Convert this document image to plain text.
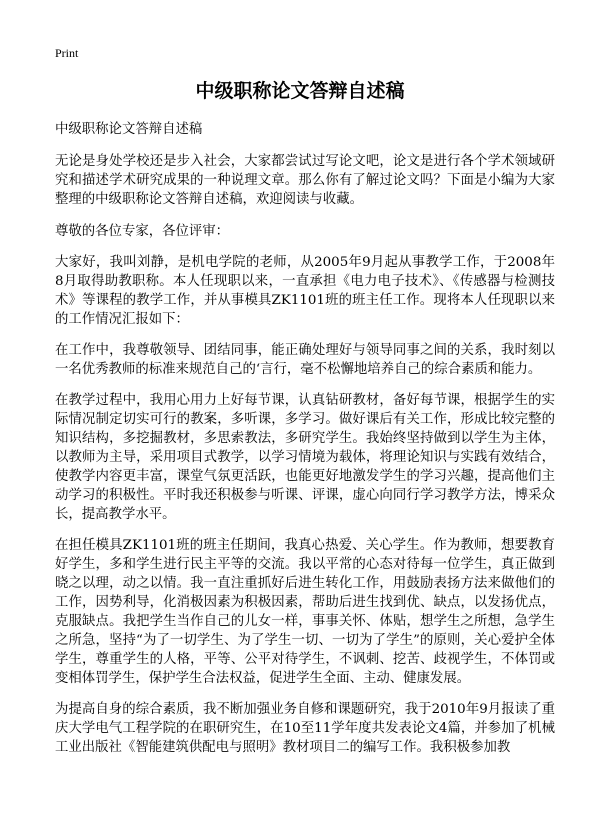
Print
中级职称论文答辩自述稿

中级职称论文答辩自述稿

无论是身处学校还是步入社会，大家都尝试过写论文吧，论文是进行各个学术领域研究和描述学术研究成果的一种说理文章。那么你有了解过论文吗？下面是小编为大家整理的中级职称论文答辩自述稿，欢迎阅读与收藏。

尊敬的各位专家，各位评审：

大家好，我叫刘静，是机电学院的老师，从2005年9月起从事教学工作，于2008年8月取得助教职称。本人任现职以来，一直承担《电力电子技术》、《传感器与检测技术》等课程的教学工作，并从事模具ZK1101班的班主任工作。现将本人任现职以来的工作情况汇报如下：

在工作中，我尊敬领导、团结同事，能正确处理好与领导同事之间的关系，我时刻以一名优秀教师的标准来规范自己的‘言行，毫不松懈地培养自己的综合素质和能力。

在教学过程中，我用心用力上好每节课，认真钻研教材，备好每节课，根据学生的实际情况制定切实可行的教案，多听课，多学习。做好课后有关工作，形成比较完整的知识结构，多挖掘教材，多思索教法，多研究学生。我始终坚持做到以学生为主体，以教师为主导，采用项目式教学，以学习情境为载体，将理论知识与实践有效结合，使教学内容更丰富，课堂气氛更活跃，也能更好地激发学生的学习兴趣，提高他们主动学习的积极性。平时我还积极参与听课、评课，虚心向同行学习教学方法，博采众长，提高教学水平。

在担任模具ZK1101班的班主任期间，我真心热爱、关心学生。作为教师，想要教育好学生，多和学生进行民主平等的交流。我以平常的心态对待每一位学生，真正做到晓之以理，动之以情。我一直注重抓好后进生转化工作，用鼓励表扬方法来做他们的工作，因势利导，化消极因素为积极因素，帮助后进生找到优、缺点，以发扬优点，克服缺点。我把学生当作自己的儿女一样，事事关怀、体贴，想学生之所想，急学生之所急，坚持“为了一切学生、为了学生一切、一切为了学生”的原则，关心爱护全体学生，尊重学生的人格，平等、公平对待学生，不讽刺、挖苦、歧视学生，不体罚或变相体罚学生，保护学生合法权益，促进学生全面、主动、健康发展。

为提高自身的综合素质，我不断加强业务自修和课题研究，我于2010年9月报读了重庆大学电气工程学院的在职研究生，在10至11学年度共发表论文4篇，并参加了机械工业出版社《智能建筑供配电与照明》教材项目二的编写工作。我积极参加教
